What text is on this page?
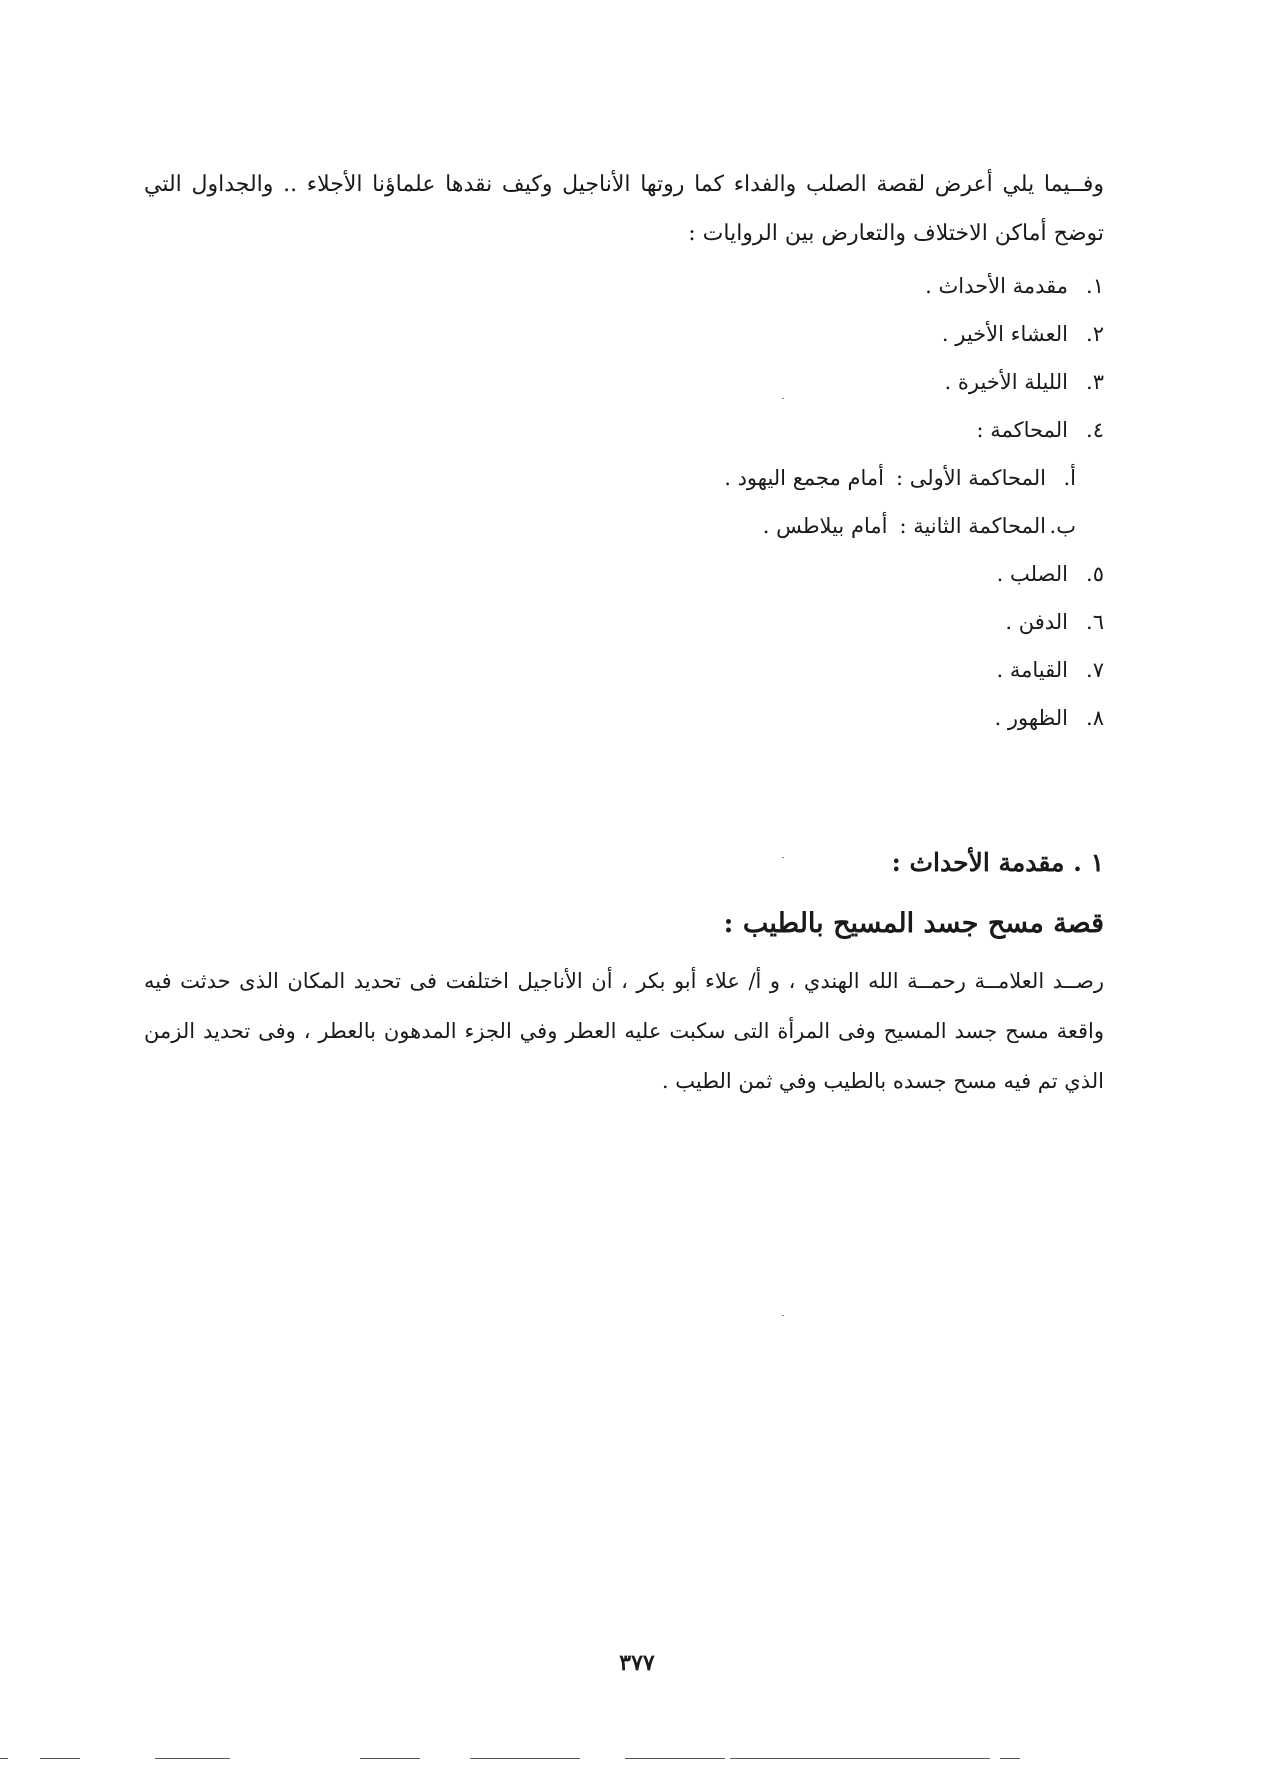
وفــيما يلي أعرض لقصة الصلب والفداء كما روتها الأناجيل وكيف نقدها علماؤنا الأجلاء .. والجداول التي توضح أماكن الاختلاف والتعارض بين الروايات :

١.مقدمة الأحداث .
٢.العشاء الأخير .
٣.الليلة الأخيرة .
٤.المحاكمة :
أ.المحاكمة الأولى :أمام مجمع اليهود .
ب.المحاكمة الثانية :أمام بيلاطس .
٥.الصلب .
٦.الدفن .
٧.القيامة .
٨.الظهور .
١ . مقدمة الأحداث :
قصة مسح جسد المسيح بالطيب :

رصــد العلامــة رحمــة الله الهندي ، و أ/ علاء أبو بكر ، أن الأناجيل اختلفت فى تحديد المكان الذى حدثت فيه واقعة مسح جسد المسيح وفى المرأة التى سكبت عليه العطر وفي الجزء المدهون بالعطر ، وفى تحديد الزمن الذي تم فيه مسح جسده بالطيب وفي ثمن الطيب .

٣٧٧
